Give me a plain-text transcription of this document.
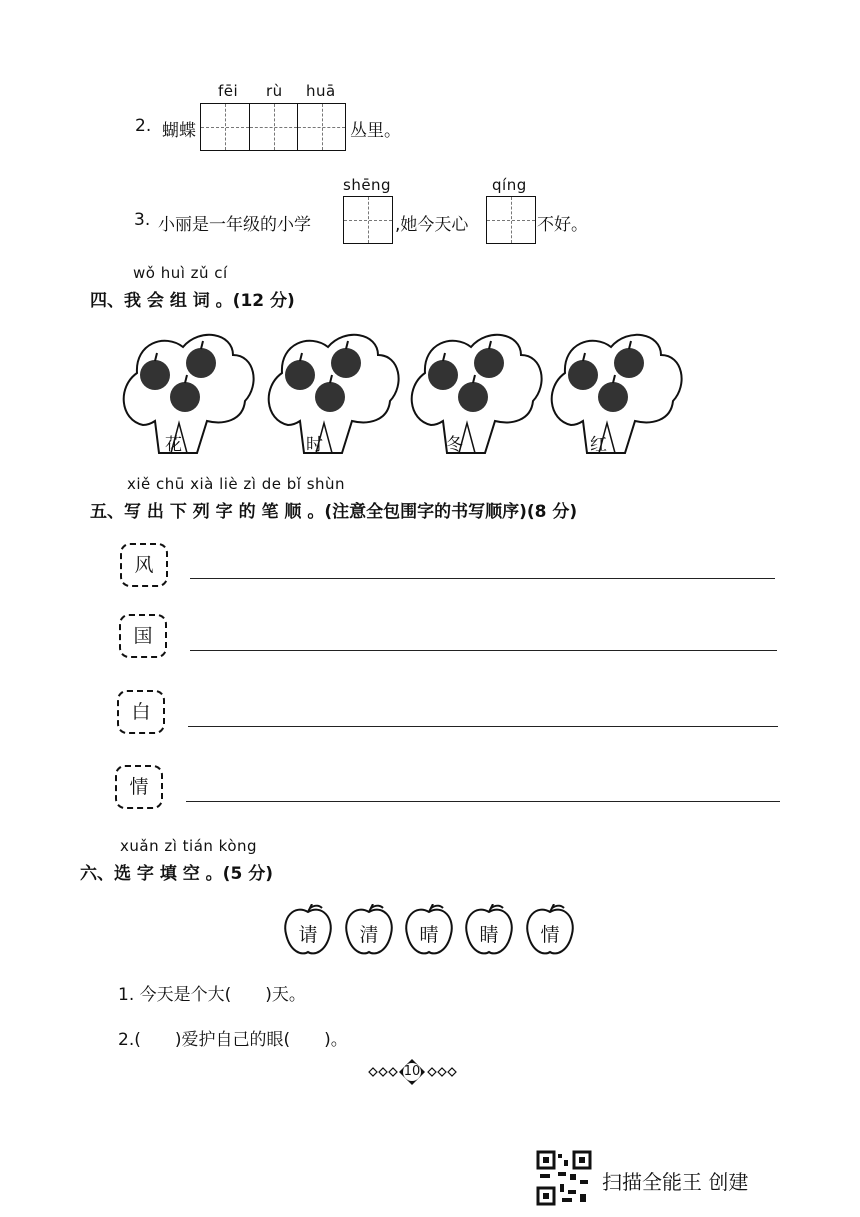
fēi rù huā
2. 蝴蝶	丛里。
shēng	qíng
3. 小丽是一年级的小学	,她今天心	不好。
wǒ huì zǔ cí
四、我 会 组 词 。(12 分)
花	时	冬	红
xiě chū xià liè zì de bǐ shùn
五、写 出 下 列 字 的 笔 顺 。(注意全包围字的书写顺序)(8 分)
风
国
白
情
xuǎn zì tián kòng
六、选 字 填 空 。(5 分)
请	清	晴	睛	情
1. 今天是个大(　　)天。
2.(　　)爱护自己的眼(　　)。
10
扫描全能王 创建
